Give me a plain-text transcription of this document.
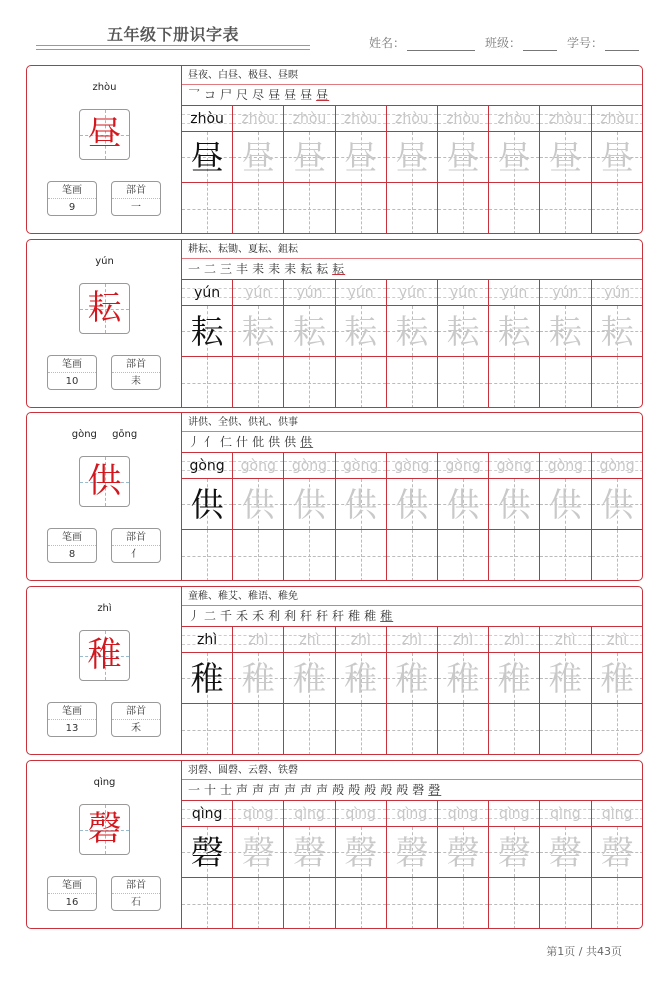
五年级下册识字表	姓名：	班级：	学号：
zhòu
昼
笔画
9
部首
一
昼夜、白昼、极昼、昼暝
乛 コ 尸 尺 尽 昼 昼 昼 昼
zhòu	zhòu	zhòu	zhòu	zhòu	zhòu	zhòu	zhòu	zhòu
昼 昼 昼 昼 昼 昼 昼 昼 昼
yún
耘
笔画
10
部首
耒
耕耘、耘锄、夏耘、鉏耘
一 二 三 丰 耒 耒 耒 耘 耘 耘
yún	yún	yún	yún	yún	yún	yún	yún	yún
耘 耘 耘 耘 耘 耘 耘 耘 耘
gòng gōng
供
笔画
8
部首
亻
讲供、全供、供礼、供事
丿 亻 仁 什 仳 供 供 供
gòng	gòng	gòng	gòng	gòng	gòng	gòng	gòng	gòng
供 供 供 供 供 供 供 供 供
zhì
稚
笔画
13
部首
禾
童稚、稚艾、稚语、稚免
丿 二 千 禾 禾 利 利 秆 秆 秆 稚 稚 稚
zhì	zhì	zhì	zhì	zhì	zhì	zhì	zhì	zhì
稚 稚 稚 稚 稚 稚 稚 稚 稚
qìng
磬
笔画
16
部首
石
羽磬、圆磬、云磬、铁磬
一 十 士 声 声 声 声 声 声 殸 殸 殸 殸 殸 磬 磬
qìng	qìng	qìng	qìng	qìng	qìng	qìng	qìng	qìng
磬 磬 磬 磬 磬 磬 磬 磬 磬
第1页 / 共43页
